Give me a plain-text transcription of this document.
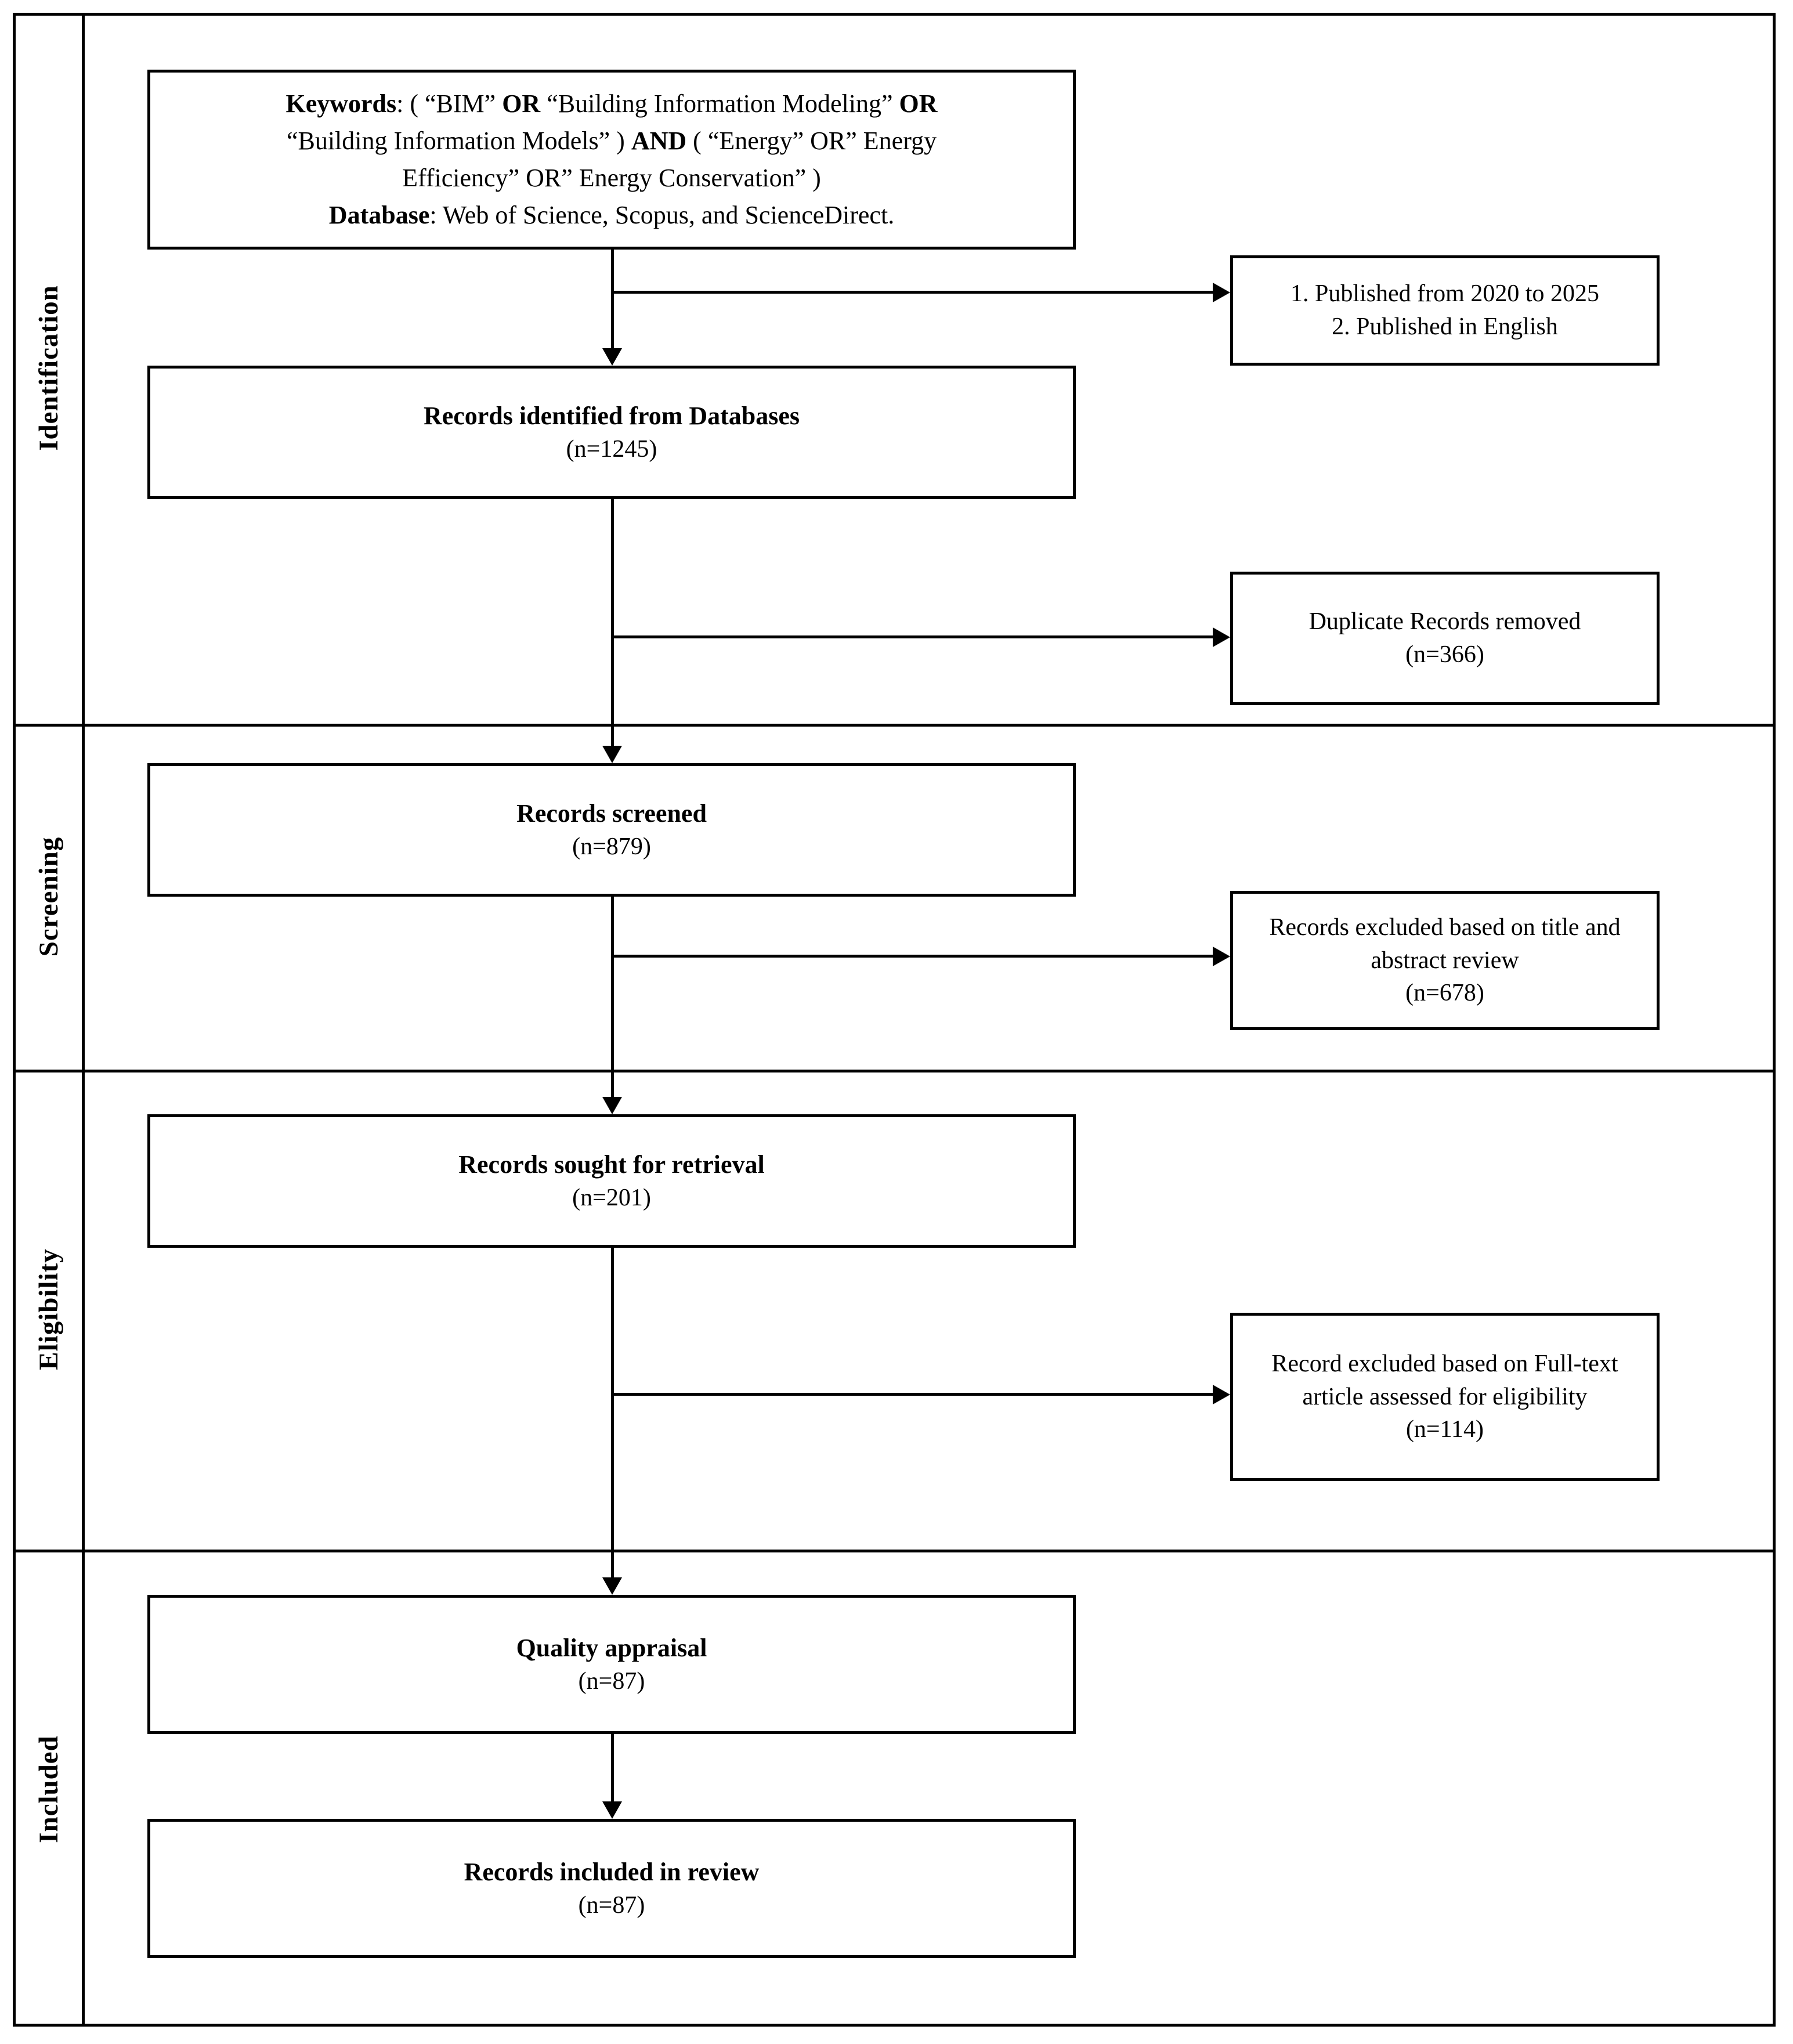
Identification
Screening
Eligibility
Included
Keywords: ( “BIM” OR “Building Information Modeling” OR
“Building Information Models” ) AND ( “Energy” OR” Energy
Efficiency” OR” Energy Conservation” )
Database: Web of Science, Scopus, and ScienceDirect.
Records identified from Databases
(n=1245)
Records screened
(n=879)
Records sought for retrieval
(n=201)
Quality appraisal
(n=87)
Records included in review
(n=87)
1. Published from 2020 to 2025
2. Published in English
Duplicate Records removed
(n=366)
Records excluded based on title and abstract review
(n=678)
Record excluded based on Full-text article assessed for eligibility
(n=114)
